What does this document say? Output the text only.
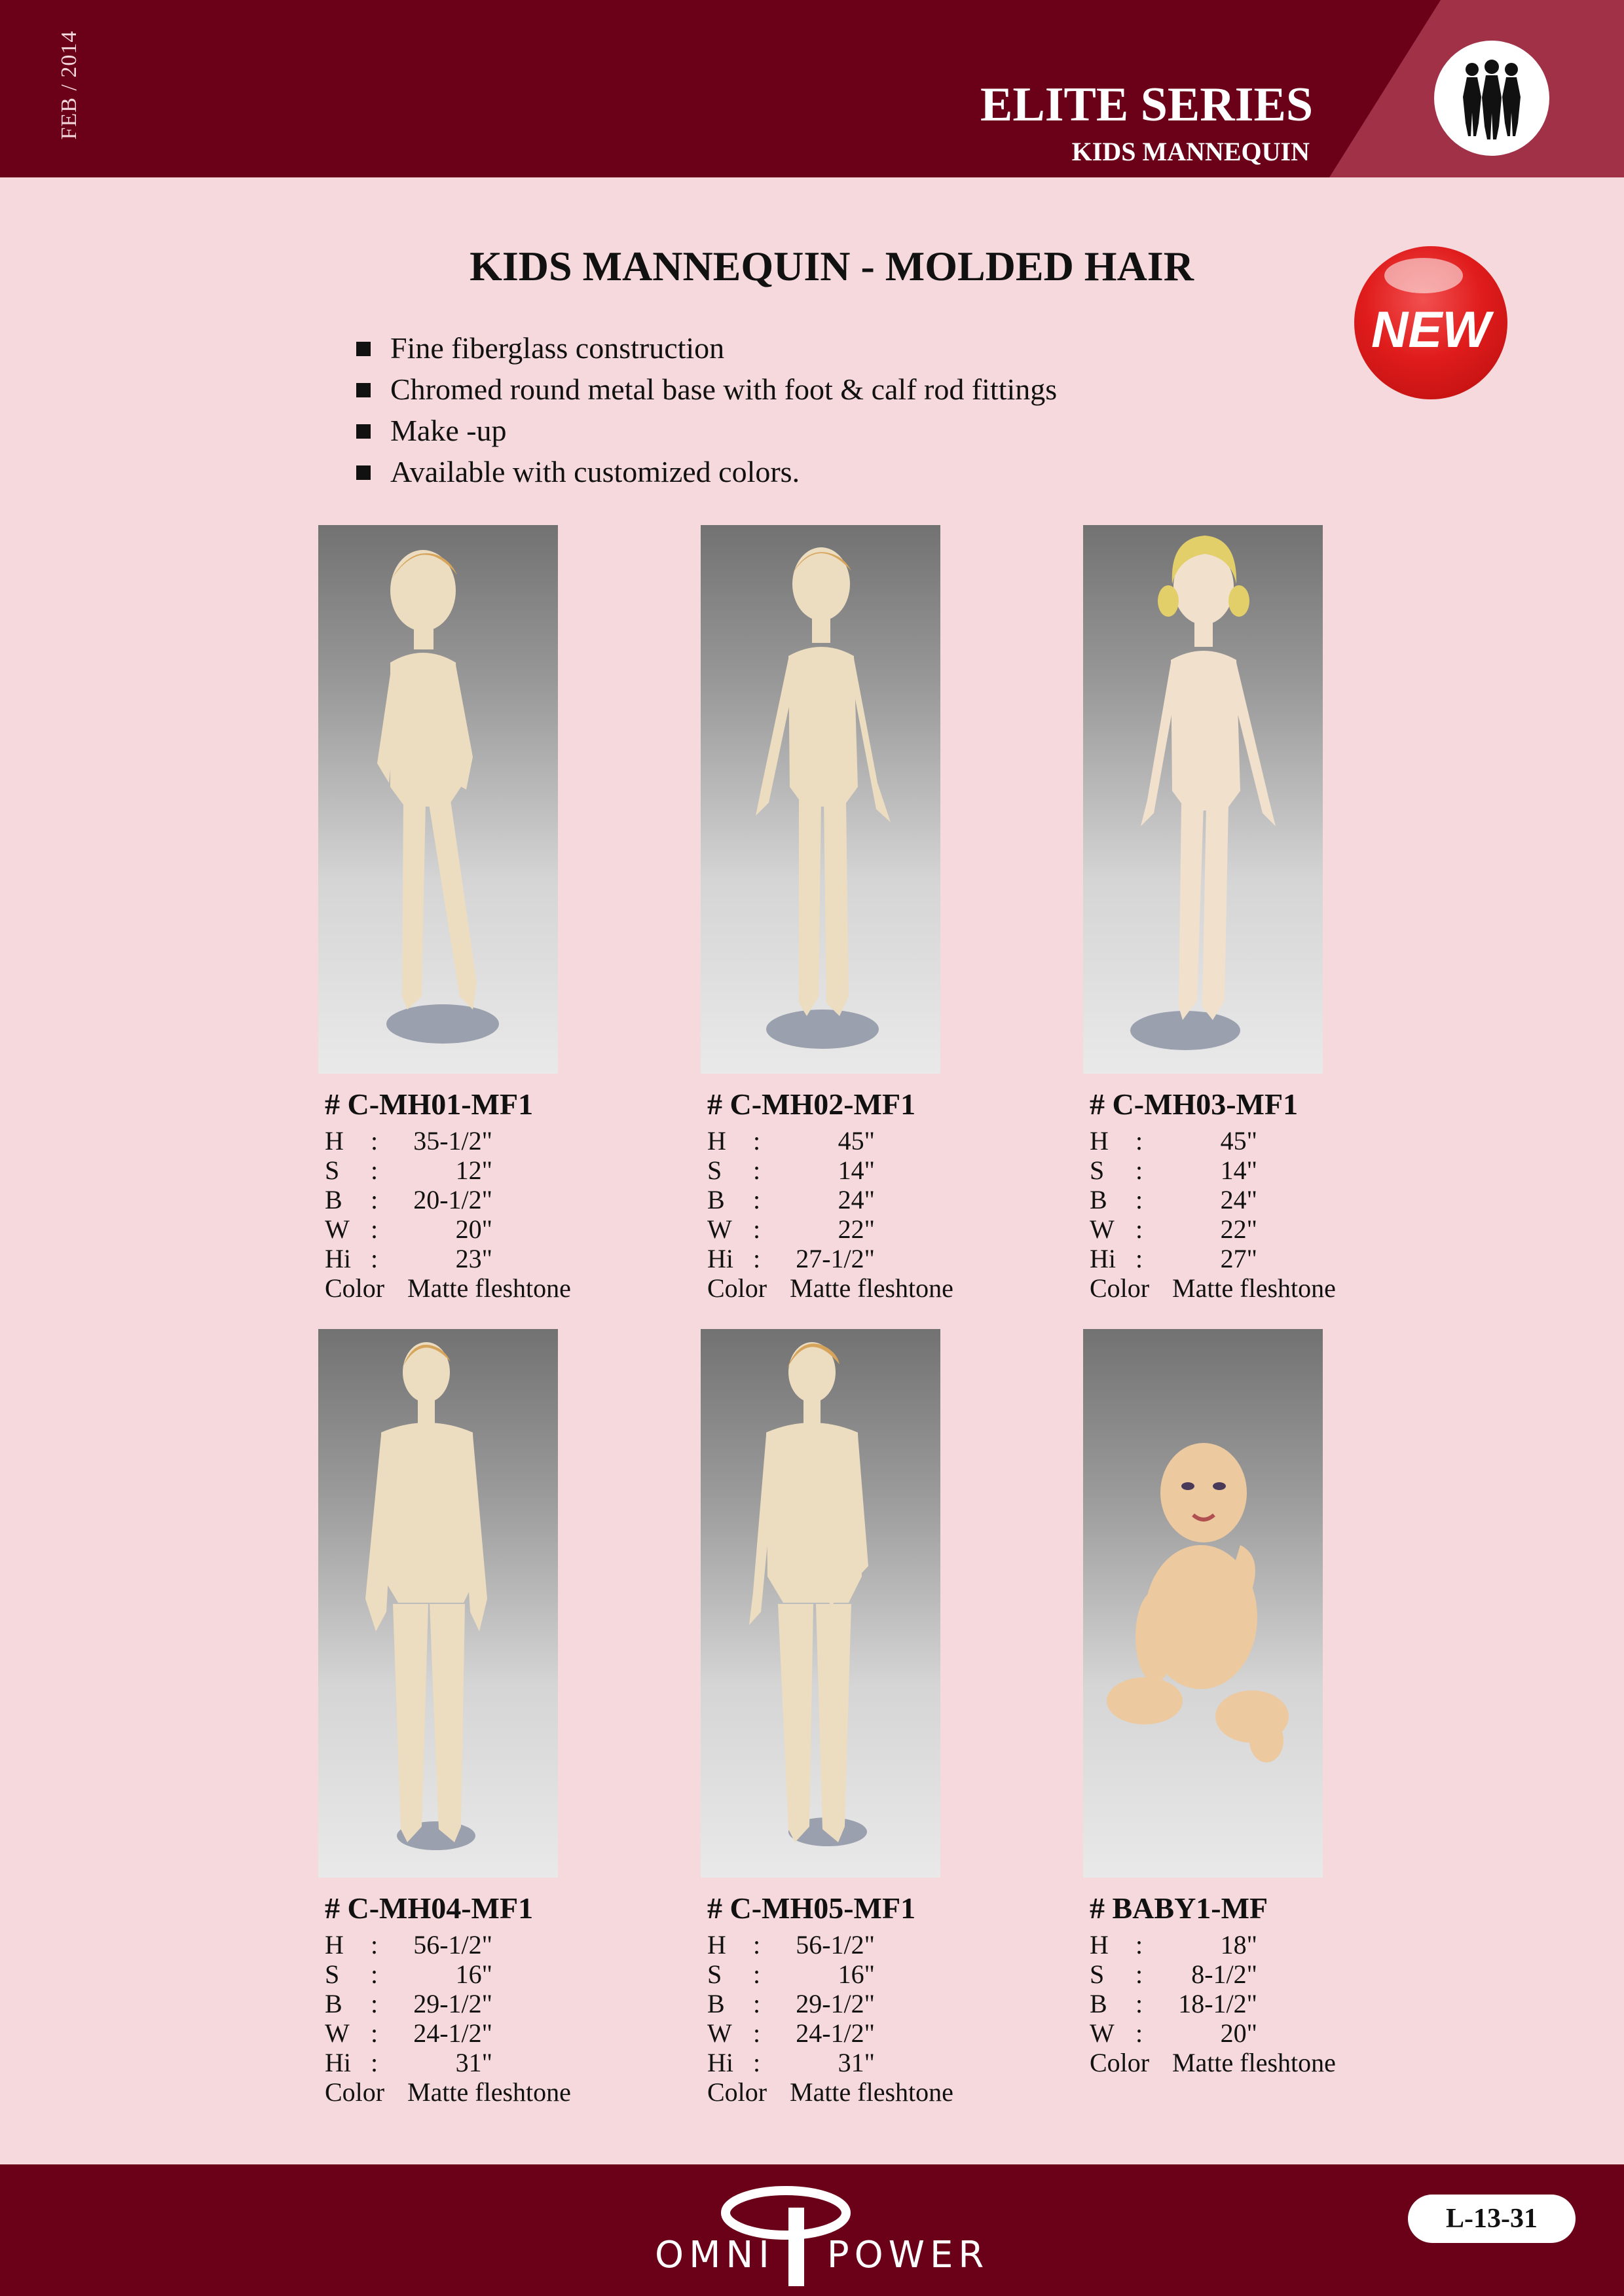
FEB / 2014	ELITE SERIES
KIDS MANNEQUIN
KIDS MANNEQUIN - MOLDED HAIR
NEW
Fine fiberglass construction
Chromed round metal base with foot & calf rod fittings
Make -up
Available with customized colors.
# C-MH01-MF1
H : 35-1/2"
S :	12"
B : 20-1/2"
W :	20"
Hi :	23"
Color Matte fleshtone
# C-MH02-MF1
H :	45"
S :	14"
B :	24"
W :	22"
Hi : 27-1/2"
Color Matte fleshtone
# C-MH03-MF1
H :	45"
S :	14"
B :	24"
W :	22"
Hi :	27"
Color Matte fleshtone
# C-MH04-MF1
H : 56-1/2"
S :	16"
B : 29-1/2"
W : 24-1/2"
Hi :	31"
Color Matte fleshtone
# C-MH05-MF1
H : 56-1/2"
S :	16"
B : 29-1/2"
W : 24-1/2"
Hi :	31"
Color Matte fleshtone
# BABY1-MF
H :	18"
S : 8-1/2"
B : 18-1/2"
W :	20"
Color Matte fleshtone
OMNI POWER
L-13-31
